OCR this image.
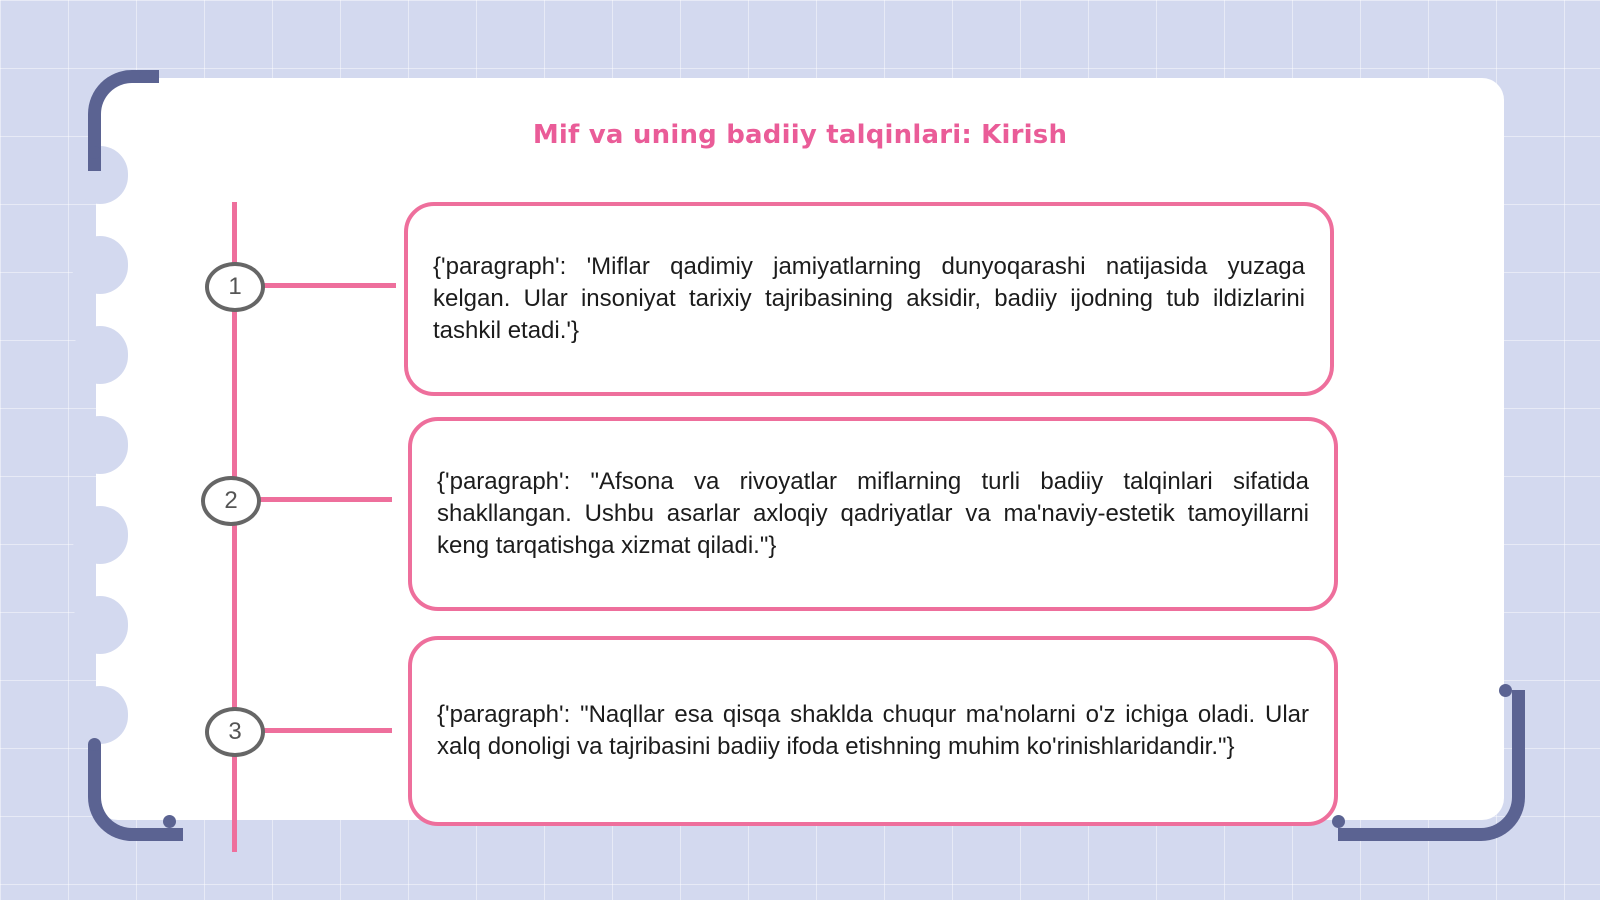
Mif va uning badiiy talqinlari: Kirish
1
{'paragraph': 'Miflar qadimiy jamiyatlarning dunyoqarashi natijasida yuzaga kelgan. Ular insoniyat tarixiy tajribasining aksidir, badiiy ijodning tub ildizlarini tashkil etadi.'}
2
{'paragraph': "Afsona va rivoyatlar miflarning turli badiiy talqinlari sifatida shakllangan. Ushbu asarlar axloqiy qadriyatlar va ma'naviy-estetik tamoyillarni keng tarqatishga xizmat qiladi."}
3
{'paragraph': "Naqllar esa qisqa shaklda chuqur ma'nolarni o'z ichiga oladi. Ular xalq donoligi va tajribasini badiiy ifoda etishning muhim ko'rinishlaridandir."}
